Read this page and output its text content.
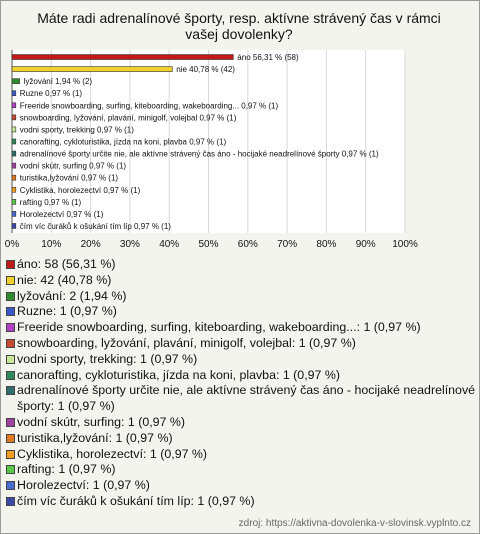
Máte radi adrenalínové športy, resp. aktívne strávený čas v rámci
vašej dovolenky?
0% 10% 20% 30% 40% 50% 60% 70% 80% 90% 100%
áno 56,31 % (58)
nie 40,78 % (42)
lyžování 1,94 % (2)
Ruzne 0,97 % (1)
Freeride snowboarding, surfing, kiteboarding, wakeboarding... 0,97 % (1)
snowboarding, lyžování, plavání, minigolf, volejbal 0,97 % (1)
vodni sporty, trekking 0,97 % (1)
canorafting, cykloturistika, jízda na koni, plavba 0,97 % (1)
adrenalínové športy určite nie, ale aktívne strávený čas áno - hocijaké neadrelínové športy 0,97 % (1)
vodní skútr, surfing 0,97 % (1)
turistika,lyžování 0,97 % (1)
Cyklistika, horolezectví 0,97 % (1)
rafting 0,97 % (1)
Horolezectví 0,97 % (1)
čím víc čuráků k ošukání tím líp 0,97 % (1)
áno: 58 (56,31 %)
nie: 42 (40,78 %)
lyžování: 2 (1,94 %)
Ruzne: 1 (0,97 %)
Freeride snowboarding, surfing, kiteboarding, wakeboarding...: 1 (0,97 %)
snowboarding, lyžování, plavání, minigolf, volejbal: 1 (0,97 %)
vodni sporty, trekking: 1 (0,97 %)
canorafting, cykloturistika, jízda na koni, plavba: 1 (0,97 %)
adrenalínové športy určite nie, ale aktívne strávený čas áno - hocijaké neadrelínové športy: 1 (0,97 %)
vodní skútr, surfing: 1 (0,97 %)
turistika,lyžování: 1 (0,97 %)
Cyklistika, horolezectví: 1 (0,97 %)
rafting: 1 (0,97 %)
Horolezectví: 1 (0,97 %)
čím víc čuráků k ošukání tím líp: 1 (0,97 %)
zdroj: https://aktivna-dovolenka-v-slovinsk.vyplnto.cz
